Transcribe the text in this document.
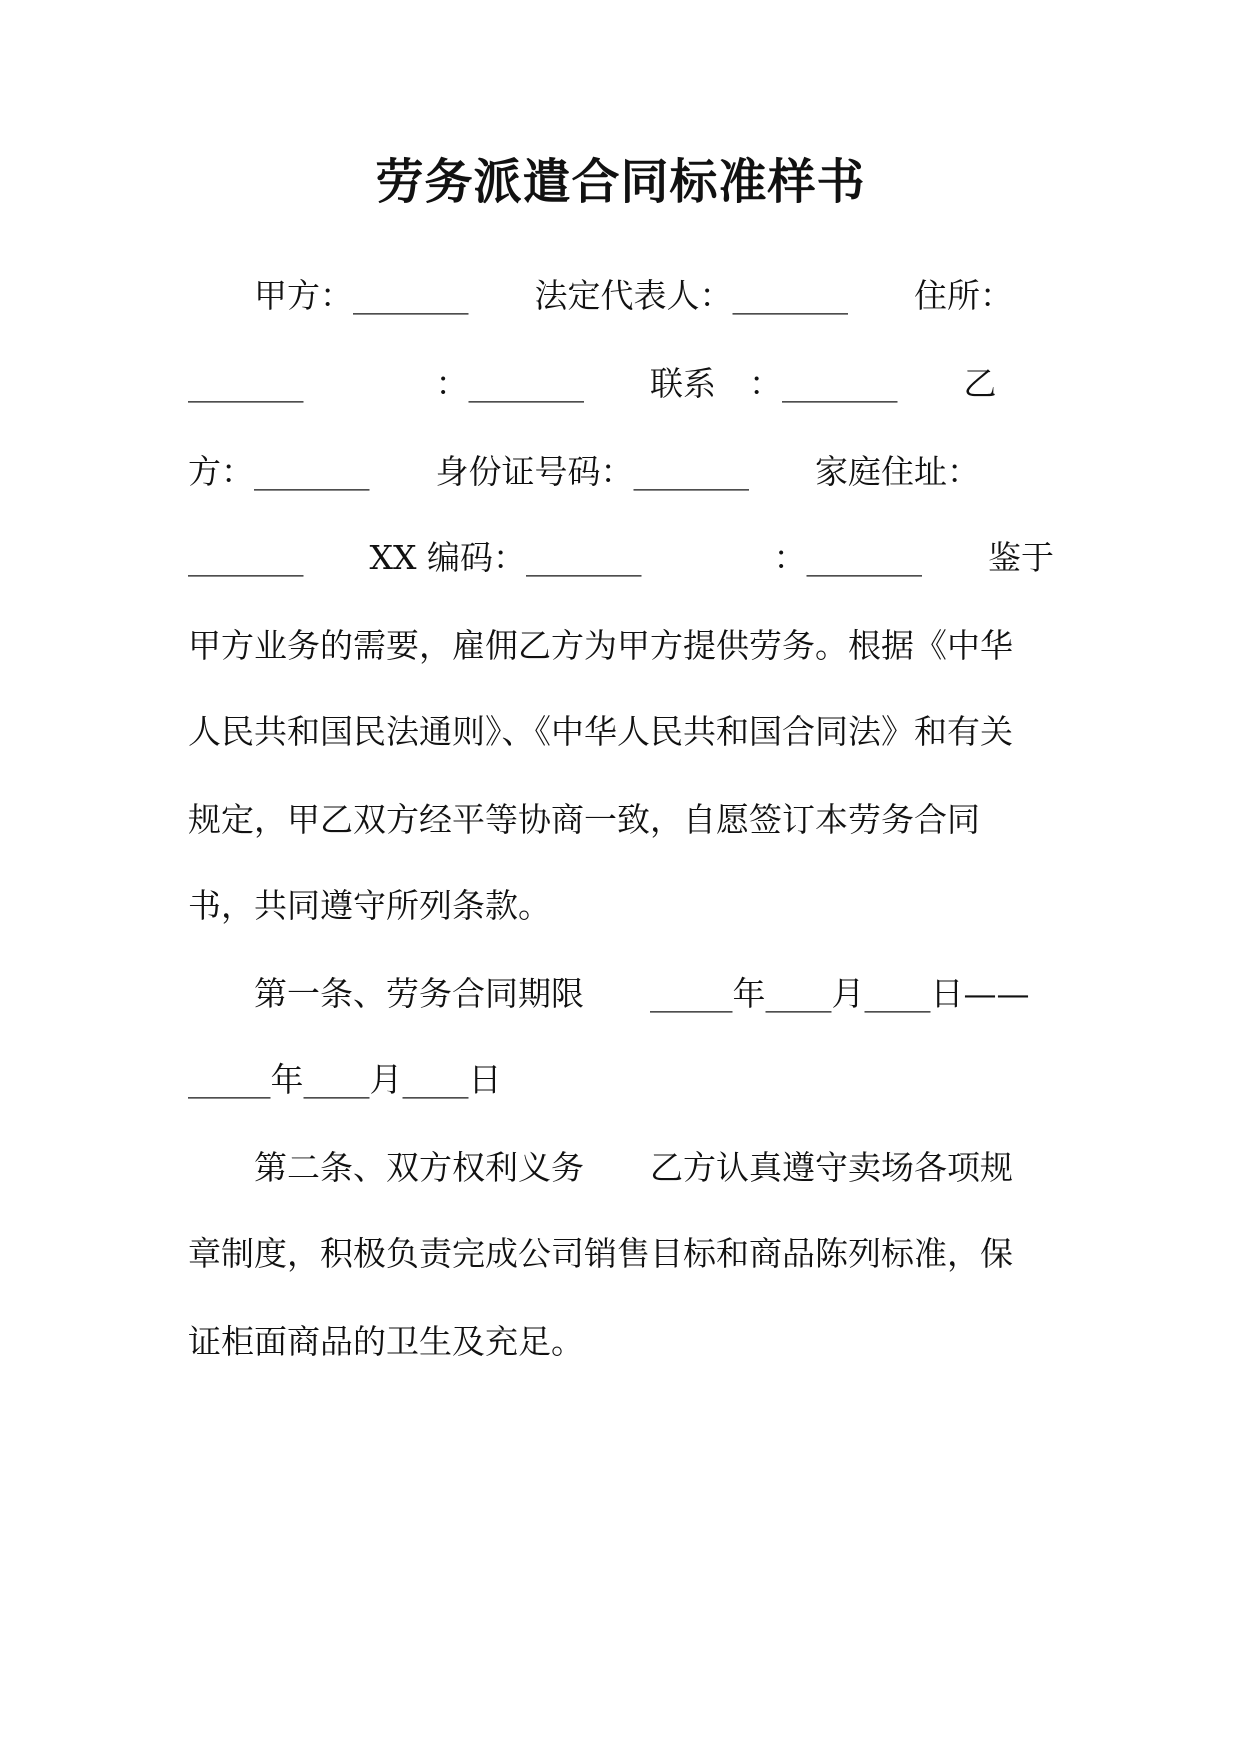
劳务派遣合同标准样书
　　甲方：_______　　法定代表人：_______　　住所：
_______　　　　：_______　　联系　：_______　　乙
方：_______　　身份证号码：_______　　家庭住址：
_______　　XX 编码：_______　　　　：_______　　鉴于
甲方业务的需要，雇佣乙方为甲方提供劳务。根据《中华
人民共和国民法通则》、《中华人民共和国合同法》和有关
规定，甲乙双方经平等协商一致，自愿签订本劳务合同
书，共同遵守所列条款。
　　第一条、劳务合同期限　　_____年____月____日——
_____年____月____日
　　第二条、双方权利义务　　乙方认真遵守卖场各项规
章制度，积极负责完成公司销售目标和商品陈列标准，保
证柜面商品的卫生及充足。
